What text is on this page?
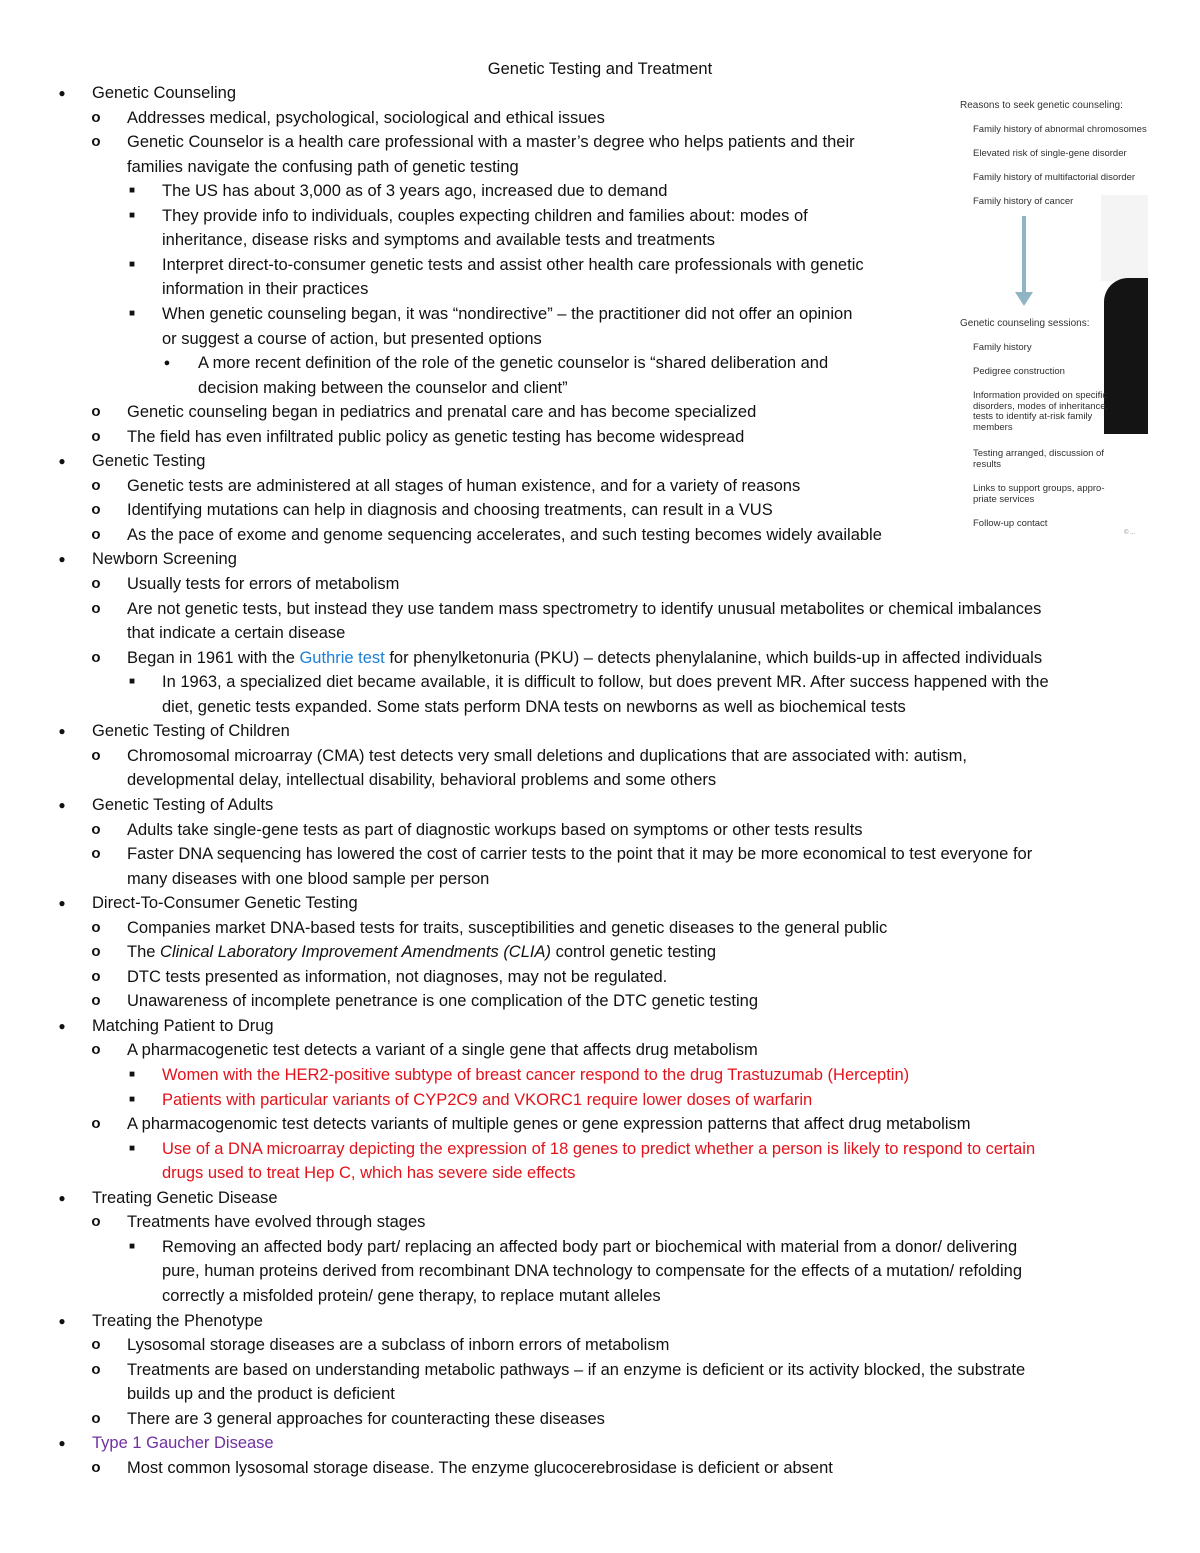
Genetic Testing and Treatment
● Genetic Counseling
o Addresses medical, psychological, sociological and ethical issues
o Genetic Counselor is a health care professional with a master’s degree who helps patients and their
families navigate the confusing path of genetic testing
■ The US has about 3,000 as of 3 years ago, increased due to demand
■ They provide info to individuals, couples expecting children and families about: modes of
inheritance, disease risks and symptoms and available tests and treatments
■ Interpret direct-to-consumer genetic tests and assist other health care professionals with genetic
information in their practices
■ When genetic counseling began, it was “nondirective” – the practitioner did not offer an opinion
or suggest a course of action, but presented options
● A more recent definition of the role of the genetic counselor is “shared deliberation and
decision making between the counselor and client”
o Genetic counseling began in pediatrics and prenatal care and has become specialized
o The field has even infiltrated public policy as genetic testing has become widespread
● Genetic Testing
o Genetic tests are administered at all stages of human existence, and for a variety of reasons
o Identifying mutations can help in diagnosis and choosing treatments, can result in a VUS
o As the pace of exome and genome sequencing accelerates, and such testing becomes widely available
● Newborn Screening
o Usually tests for errors of metabolism
o Are not genetic tests, but instead they use tandem mass spectrometry to identify unusual metabolites or chemical imbalances
that indicate a certain disease
o Began in 1961 with the Guthrie test for phenylketonuria (PKU) – detects phenylalanine, which builds-up in affected individuals
■ In 1963, a specialized diet became available, it is difficult to follow, but does prevent MR. After success happened with the
diet, genetic tests expanded. Some stats perform DNA tests on newborns as well as biochemical tests
● Genetic Testing of Children
o Chromosomal microarray (CMA) test detects very small deletions and duplications that are associated with: autism,
developmental delay, intellectual disability, behavioral problems and some others
● Genetic Testing of Adults
o Adults take single-gene tests as part of diagnostic workups based on symptoms or other tests results
o Faster DNA sequencing has lowered the cost of carrier tests to the point that it may be more economical to test everyone for
many diseases with one blood sample per person
● Direct-To-Consumer Genetic Testing
o Companies market DNA-based tests for traits, susceptibilities and genetic diseases to the general public
o The Clinical Laboratory Improvement Amendments (CLIA) control genetic testing
o DTC tests presented as information, not diagnoses, may not be regulated.
o Unawareness of incomplete penetrance is one complication of the DTC genetic testing
● Matching Patient to Drug
o A pharmacogenetic test detects a variant of a single gene that affects drug metabolism
■ Women with the HER2-positive subtype of breast cancer respond to the drug Trastuzumab (Herceptin)
■ Patients with particular variants of CYP2C9 and VKORC1 require lower doses of warfarin
o A pharmacogenomic test detects variants of multiple genes or gene expression patterns that affect drug metabolism
■ Use of a DNA microarray depicting the expression of 18 genes to predict whether a person is likely to respond to certain
drugs used to treat Hep C, which has severe side effects
● Treating Genetic Disease
o Treatments have evolved through stages
■ Removing an affected body part/ replacing an affected body part or biochemical with material from a donor/ delivering
pure, human proteins derived from recombinant DNA technology to compensate for the effects of a mutation/ refolding
correctly a misfolded protein/ gene therapy, to replace mutant alleles
● Treating the Phenotype
o Lysosomal storage diseases are a subclass of inborn errors of metabolism
o Treatments are based on understanding metabolic pathways – if an enzyme is deficient or its activity blocked, the substrate
builds up and the product is deficient
o There are 3 general approaches for counteracting these diseases
● Type 1 Gaucher Disease
o Most common lysosomal storage disease. The enzyme glucocerebrosidase is deficient or absent
Reasons to seek genetic counseling:
Family history of abnormal chromosomes
Elevated risk of single-gene disorder
Family history of multifactorial disorder
Family history of cancer
Genetic counseling sessions:
Family history
Pedigree construction
Information provided on specific
disorders, modes of inheritance,
tests to identify at-risk family
members
Testing arranged, discussion of
results
Links to support groups, appro-
priate services
Follow-up contact
© ...
